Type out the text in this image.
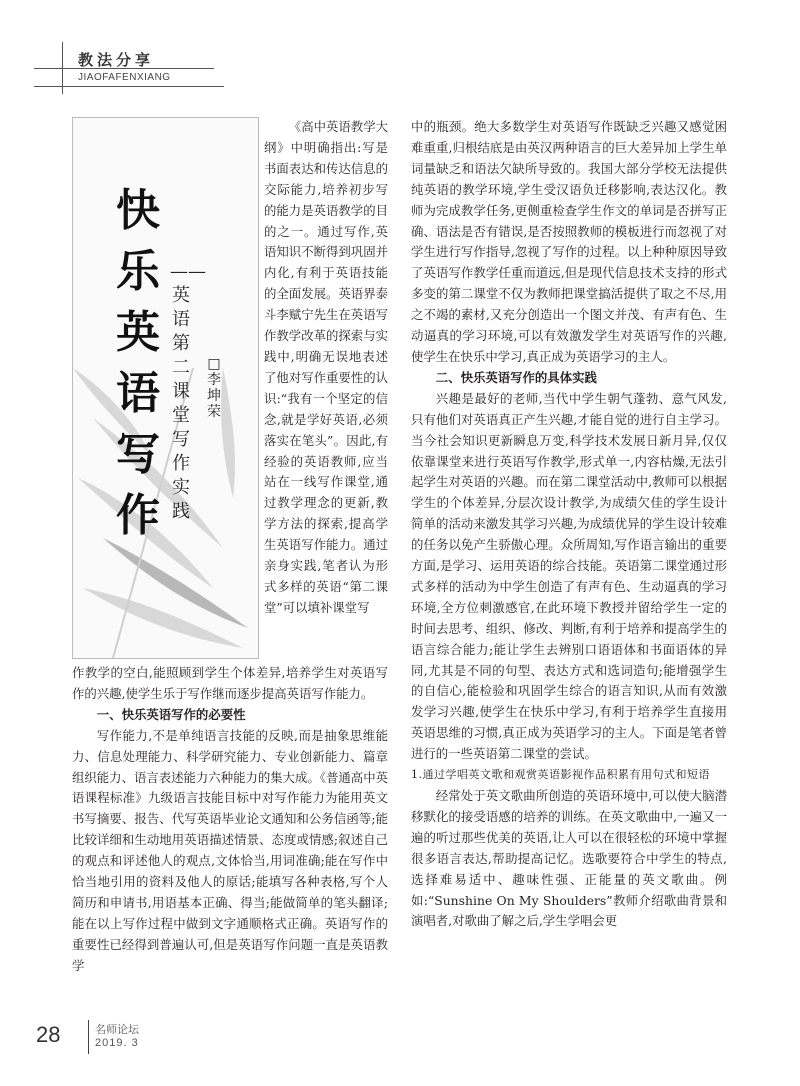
教法分享
JIAOFAFENXIANG
快
乐
英
语
写
作
——英语第二课堂写作实践
□李坤荣

《高中英语教学大纲》中明确指出:写是书面表达和传达信息的交际能力,培养初步写的能力是英语教学的目的之一。通过写作,英语知识不断得到巩固并内化,有利于英语技能的全面发展。英语界泰斗李赋宁先生在英语写作教学改革的探索与实践中,明确无误地表述了他对写作重要性的认识:“我有一个坚定的信念,就是学好英语,必须落实在笔头”。因此,有经验的英语教师,应当站在一线写作课堂,通过教学理念的更新,教学方法的探索,提高学生英语写作能力。通过亲身实践,笔者认为形式多样的英语“第二课堂”可以填补课堂写

作教学的空白,能照顾到学生个体差异,培养学生对英语写作的兴趣,使学生乐于写作继而逐步提高英语写作能力。

一、快乐英语写作的必要性

写作能力,不是单纯语言技能的反映,而是抽象思维能力、信息处理能力、科学研究能力、专业创新能力、篇章组织能力、语言表述能力六种能力的集大成。《普通高中英语课程标准》九级语言技能目标中对写作能力为能用英文书写摘要、报告、代写英语毕业论文通知和公务信函等;能比较详细和生动地用英语描述情景、态度或情感;叙述自己的观点和评述他人的观点,文体恰当,用词准确;能在写作中恰当地引用的资料及他人的原话;能填写各种表格,写个人简历和申请书,用语基本正确、得当;能做简单的笔头翻译;能在以上写作过程中做到文字通顺格式正确。英语写作的重要性已经得到普遍认可,但是英语写作问题一直是英语教学

中的瓶颈。绝大多数学生对英语写作既缺乏兴趣又感觉困难重重,归根结底是由英汉两种语言的巨大差异加上学生单词量缺乏和语法欠缺所导致的。我国大部分学校无法提供纯英语的教学环境,学生受汉语负迁移影响,表达汉化。教师为完成教学任务,更侧重检查学生作文的单词是否拼写正确、语法是否有错误,是否按照教师的模板进行而忽视了对学生进行写作指导,忽视了写作的过程。以上种种原因导致了英语写作教学任重而道远,但是现代信息技术支持的形式多变的第二课堂不仅为教师把课堂搞活提供了取之不尽,用之不竭的素材,又充分创造出一个图文并茂、有声有色、生动逼真的学习环境,可以有效激发学生对英语写作的兴趣,使学生在快乐中学习,真正成为英语学习的主人。

二、快乐英语写作的具体实践

兴趣是最好的老师,当代中学生朝气蓬勃、意气风发,只有他们对英语真正产生兴趣,才能自觉的进行自主学习。当今社会知识更新瞬息万变,科学技术发展日新月异,仅仅依靠课堂来进行英语写作教学,形式单一,内容枯燥,无法引起学生对英语的兴趣。而在第二课堂活动中,教师可以根据学生的个体差异,分层次设计教学,为成绩欠佳的学生设计简单的活动来激发其学习兴趣,为成绩优异的学生设计较难的任务以免产生骄傲心理。众所周知,写作语言输出的重要方面,是学习、运用英语的综合技能。英语第二课堂通过形式多样的活动为中学生创造了有声有色、生动逼真的学习环境,全方位刺激感官,在此环境下教授并留给学生一定的时间去思考、组织、修改、判断,有利于培养和提高学生的语言综合能力;能让学生去辨别口语语体和书面语体的异同,尤其是不同的句型、表达方式和选词造句;能增强学生的自信心,能检验和巩固学生综合的语言知识,从而有效激发学习兴趣,使学生在快乐中学习,有利于培养学生直接用英语思维的习惯,真正成为英语学习的主人。下面是笔者曾进行的一些英语第二课堂的尝试。

1.通过学唱英文歌和观赏英语影视作品积累有用句式和短语

经常处于英文歌曲所创造的英语环境中,可以使大脑潜移默化的接受语感的培养的训练。在英文歌曲中,一遍又一遍的听过那些优美的英语,让人可以在很轻松的环境中掌握很多语言表达,帮助提高记忆。选歌要符合中学生的特点,选择难易适中、趣味性强、正能量的英文歌曲。例如:“Sunshine On My Shoulders”教师介绍歌曲背景和演唱者,对歌曲了解之后,学生学唱会更

28	名师论坛
2019. 3
